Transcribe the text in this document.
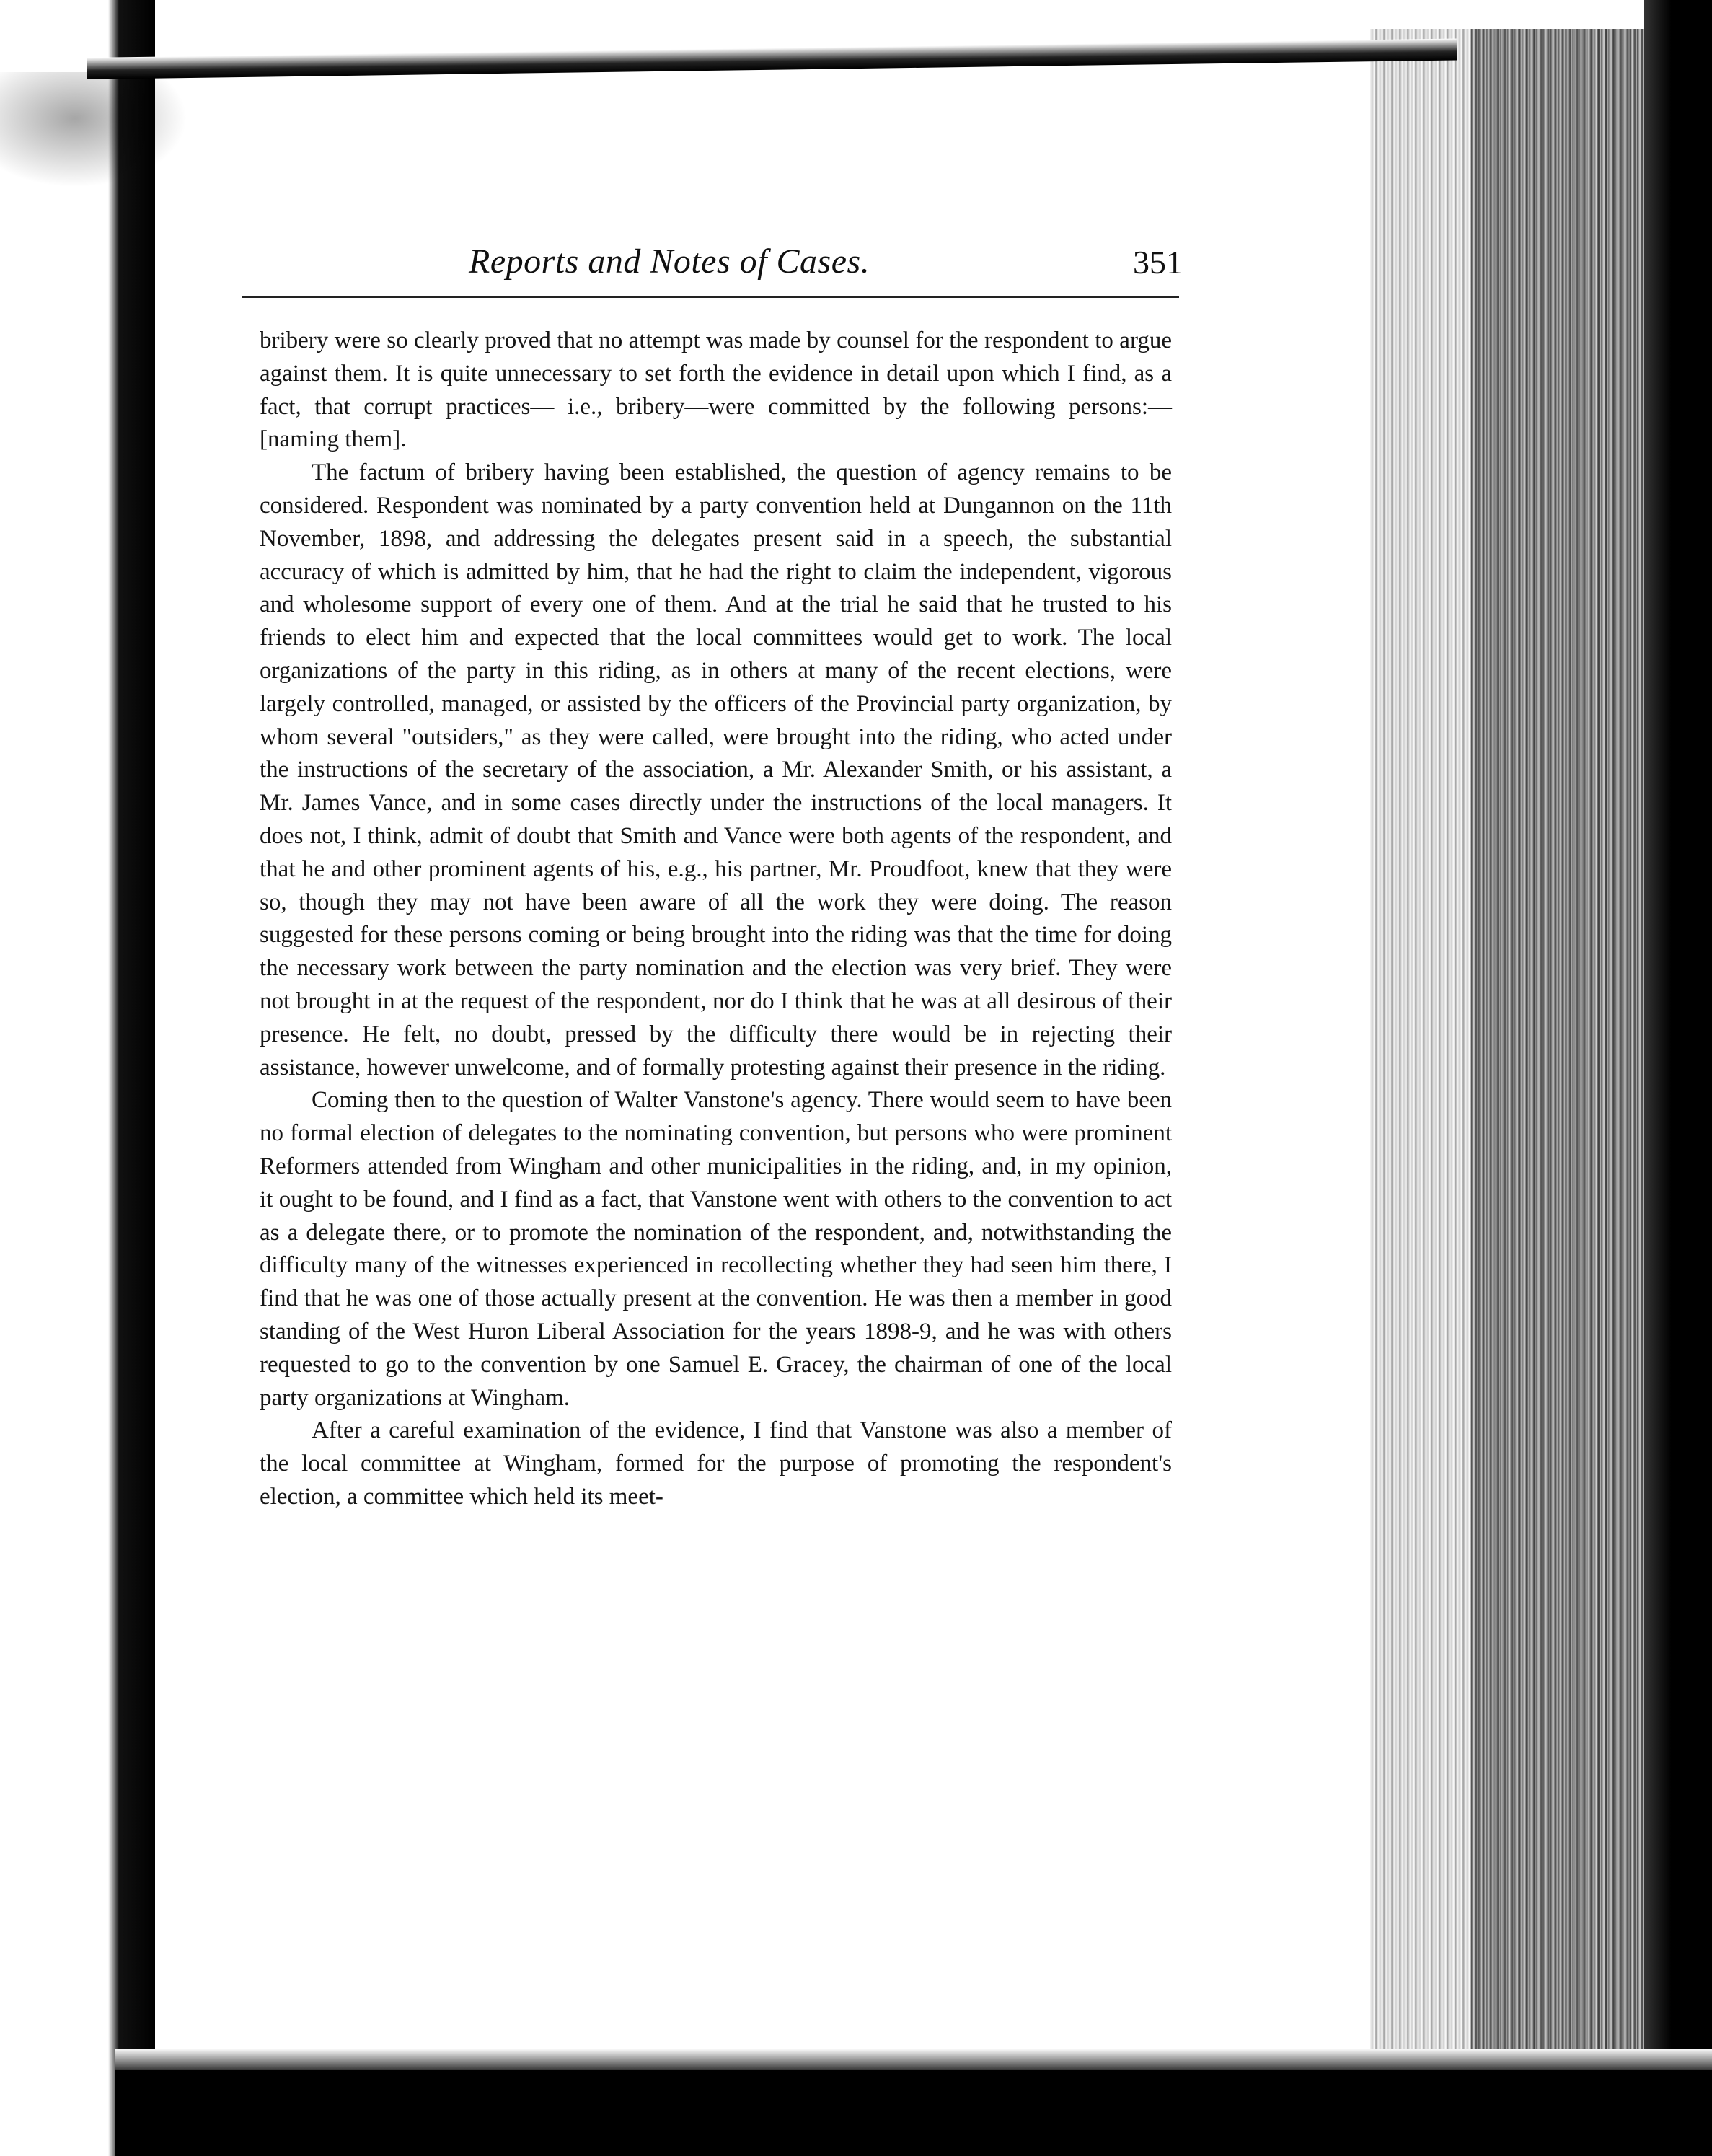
Reports and Notes of Cases.	351

bribery were so clearly proved that no attempt was made by counsel for the respondent to argue against them. It is quite unnecessary to set forth the evidence in detail upon which I find, as a fact, that corrupt practices— i.e., bribery—were committed by the following persons:—[naming them].

The factum of bribery having been established, the question of agency remains to be considered. Respondent was nominated by a party convention held at Dungannon on the 11th November, 1898, and addressing the delegates present said in a speech, the substantial accuracy of which is admitted by him, that he had the right to claim the independent, vigorous and wholesome support of every one of them. And at the trial he said that he trusted to his friends to elect him and expected that the local committees would get to work. The local organizations of the party in this riding, as in others at many of the recent elections, were largely controlled, managed, or assisted by the officers of the Provincial party organization, by whom several "outsiders," as they were called, were brought into the riding, who acted under the instructions of the secretary of the association, a Mr. Alexander Smith, or his assistant, a Mr. James Vance, and in some cases directly under the instructions of the local managers. It does not, I think, admit of doubt that Smith and Vance were both agents of the respondent, and that he and other prominent agents of his, e.g., his partner, Mr. Proudfoot, knew that they were so, though they may not have been aware of all the work they were doing. The reason suggested for these persons coming or being brought into the riding was that the time for doing the necessary work between the party nomination and the election was very brief. They were not brought in at the request of the respondent, nor do I think that he was at all desirous of their presence. He felt, no doubt, pressed by the difficulty there would be in rejecting their assistance, however unwelcome, and of formally protesting against their presence in the riding.

Coming then to the question of Walter Vanstone's agency. There would seem to have been no formal election of delegates to the nominating convention, but persons who were prominent Reformers attended from Wingham and other municipalities in the riding, and, in my opinion, it ought to be found, and I find as a fact, that Vanstone went with others to the convention to act as a delegate there, or to promote the nomination of the respondent, and, notwithstanding the difficulty many of the witnesses experienced in recollecting whether they had seen him there, I find that he was one of those actually present at the convention. He was then a member in good standing of the West Huron Liberal Association for the years 1898-9, and he was with others requested to go to the convention by one Samuel E. Gracey, the chairman of one of the local party organizations at Wingham.

After a careful examination of the evidence, I find that Vanstone was also a member of the local committee at Wingham, formed for the purpose of promoting the respondent's election, a committee which held its meet-
